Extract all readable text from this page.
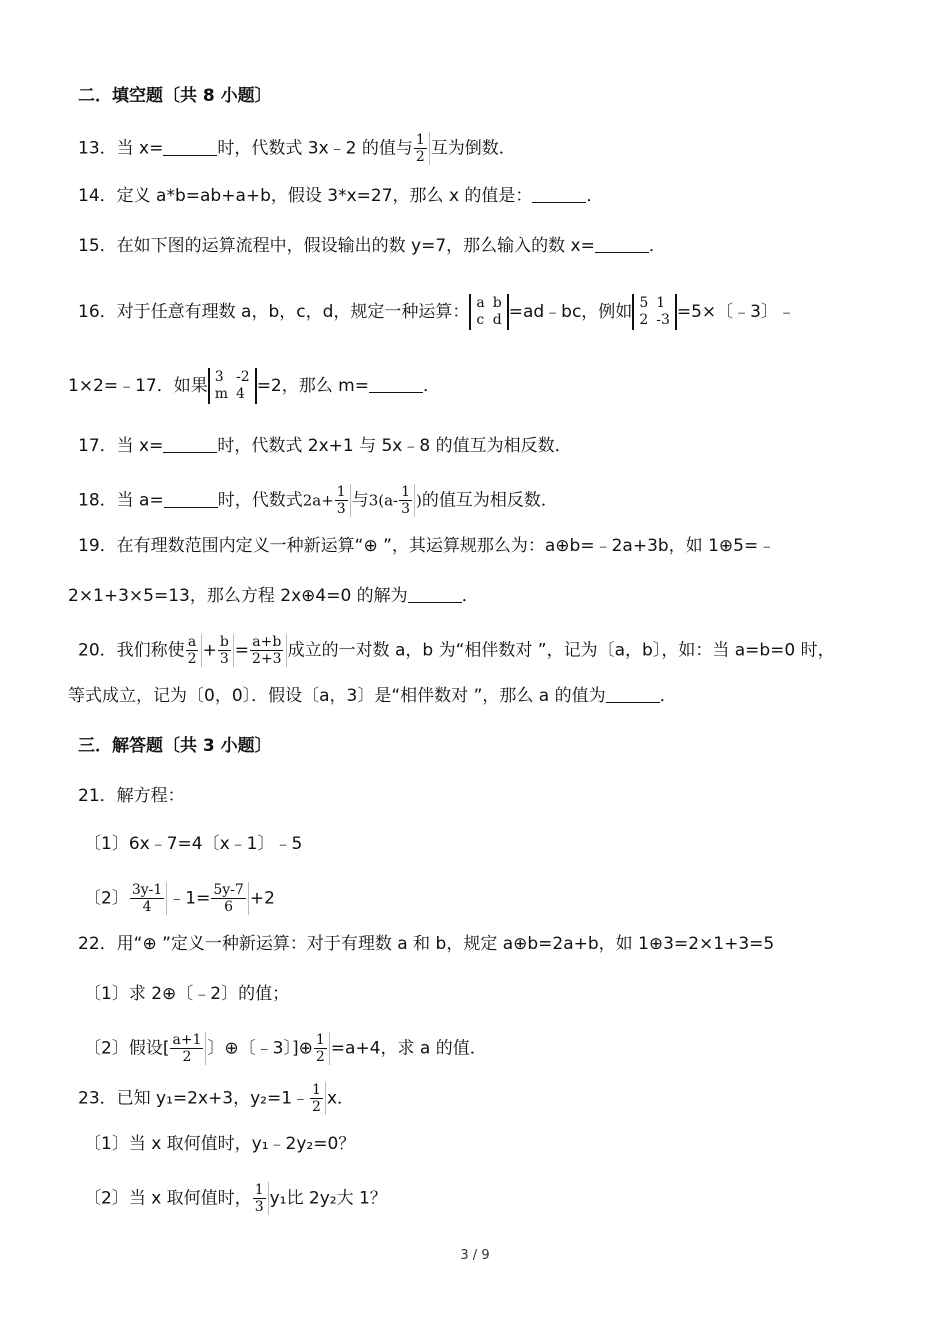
二．填空题〔共 8 小题〕
13．当 x=	时，代数式 3x﹣2 的值与 $\frac{1}{2}$ 互为倒数．
14．定义 a*b=ab+a+b，假设 3*x=27，那么 x 的值是：	．
15．在如下图的运算流程中，假设输出的数 y=7，那么输入的数 x=	．
16．对于任意有理数 a，b，c，d，规定一种运算： a b
c d =ad﹣bc，例如 5 1
2 -3 =5×〔﹣3〕﹣
1×2=﹣17．如果 3 -2
m 4 =2，那么 m=	．
17．当 x=	时，代数式 2x+1 与 5x﹣8 的值互为相反数．
18．当 a=	时，代数式$2a+ \frac{1}{3}$ 与$3(a- \frac{1}{3}$ )的值互为相反数．
19．在有理数范围内定义一种新运算“⊕ ”，其运算规那么为：a⊕b=﹣2a+3b，如 1⊕5=﹣
2×1+3×5=13，那么方程 2x⊕4=0 的解为	．
20．我们称使 $\frac{a}{2} + \frac{b}{3} = \frac{a+b}{2+3}$ 成立的一对数 a，b 为“相伴数对 ”，记为〔a，b〕，如：当 a=b=0 时，
等式成立，记为〔0，0〕．假设〔a，3〕是“相伴数对 ”，那么 a 的值为	．
三．解答题〔共 3 小题〕
21．解方程：
〔1〕6x﹣7=4〔x﹣1〕﹣5
〔2〕 $\frac{3y-1}{4}$ ﹣1= $\frac{5y-7}{6} +2$
22．用“⊕ ”定义一种新运算：对于有理数 a 和 b，规定 a⊕b=2a+b，如 1⊕3=2×1+3=5
〔1〕求 2⊕〔﹣2〕的值；
〔2〕假设[ $\frac{a+1}{2}$ 〕⊕〔﹣3〕]⊕ $\frac{1}{2} =a+4$，求 a 的值．
23．已知 y₁=2x+3，y₂=1﹣ $\frac{1}{2}$ x．
〔1〕当 x 取何值时，y₁﹣2y₂=0？
〔2〕当 x 取何值时， $\frac{1}{3} y_1$比 2y₂大 1？
3 / 9
